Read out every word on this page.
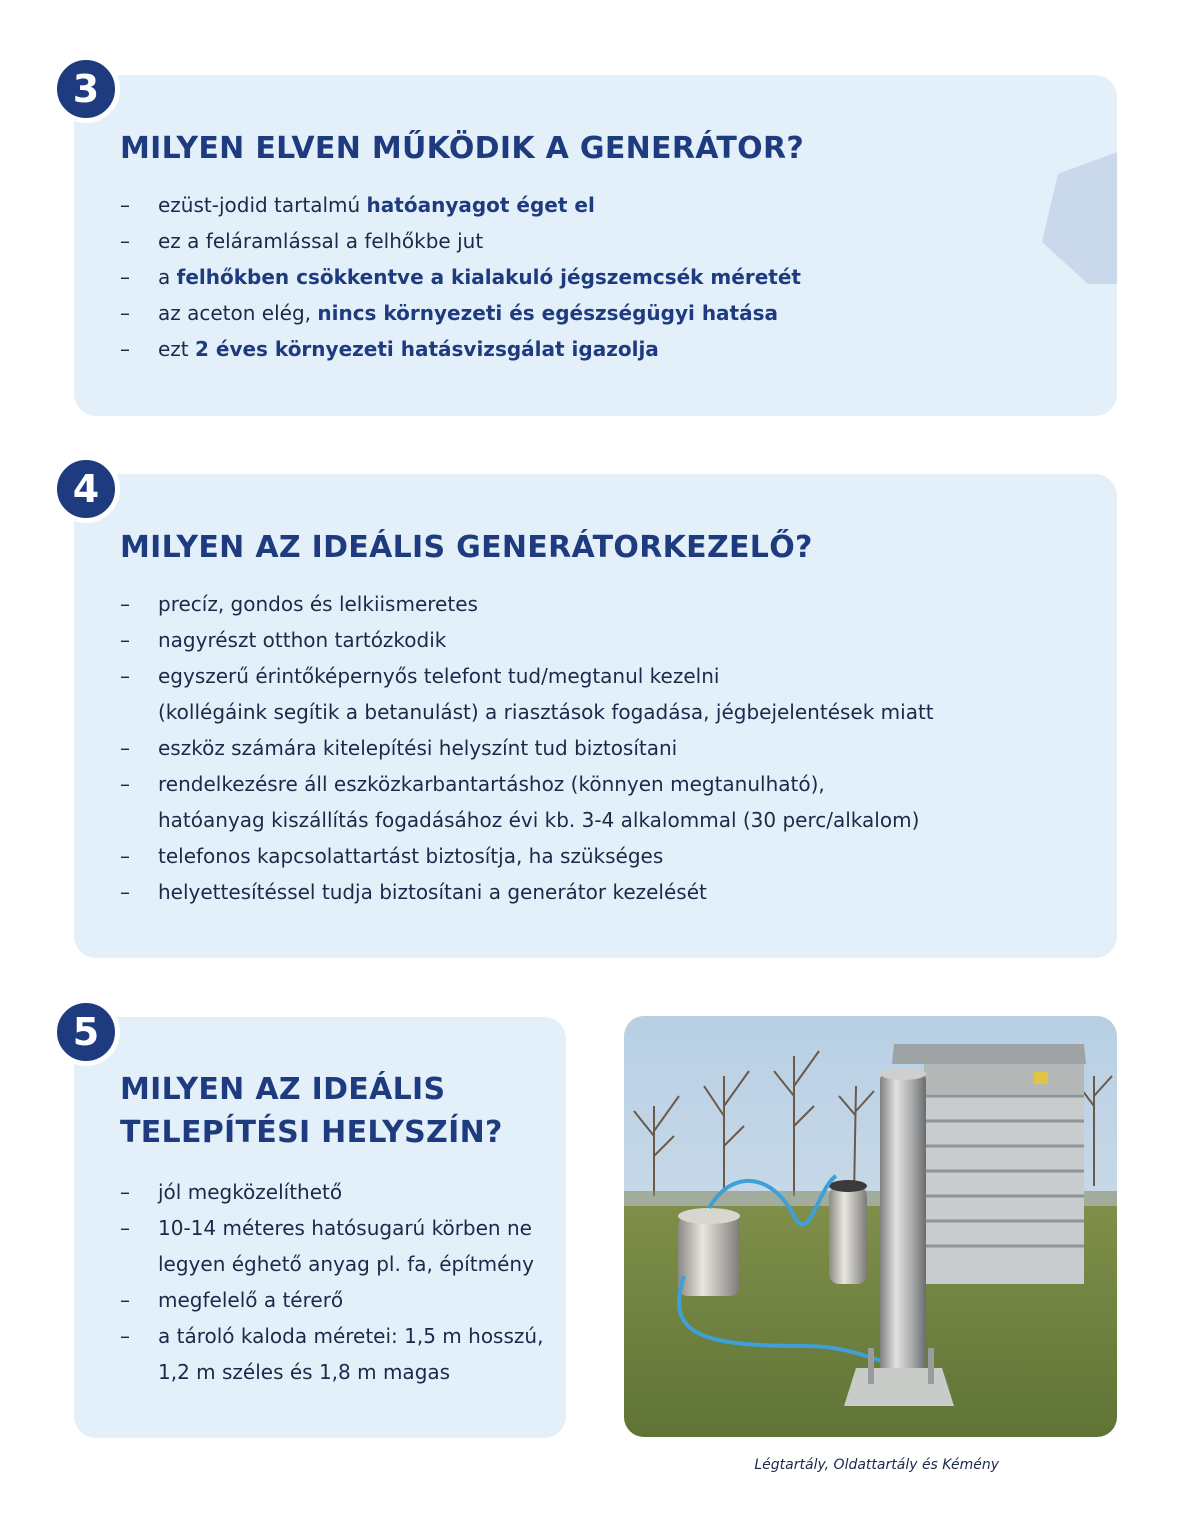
3
MILYEN ELVEN MŰKÖDIK A GENERÁTOR?
– ezüst-jodid tartalmú hatóanyagot éget el
– ez a feláramlással a felhőkbe jut
– a felhőkben csökkentve a kialakuló jégszemcsék méretét
– az aceton elég, nincs környezeti és egészségügyi hatása
– ezt 2 éves környezeti hatásvizsgálat igazolja
4
MILYEN AZ IDEÁLIS GENERÁTORKEZELŐ?
– precíz, gondos és lelkiismeretes
– nagyrészt otthon tartózkodik
– egyszerű érintőképernyős telefont tud/megtanul kezelni
(kollégáink segítik a betanulást) a riasztások fogadása, jégbejelentések miatt
– eszköz számára kitelepítési helyszínt tud biztosítani
– rendelkezésre áll eszközkarbantartáshoz (könnyen megtanulható),
hatóanyag kiszállítás fogadásához évi kb. 3-4 alkalommal (30 perc/alkalom)
– telefonos kapcsolattartást biztosítja, ha szükséges
– helyettesítéssel tudja biztosítani a generátor kezelését
5
MILYEN AZ IDEÁLIS
TELEPÍTÉSI HELYSZÍN?
– jól megközelíthető
– 10-14 méteres hatósugarú körben ne
legyen éghető anyag pl. fa, építmény
– megfelelő a térerő
– a tároló kaloda méretei: 1,5 m hosszú,
1,2 m széles és 1,8 m magas
Légtartály, Oldattartály és Kémény
